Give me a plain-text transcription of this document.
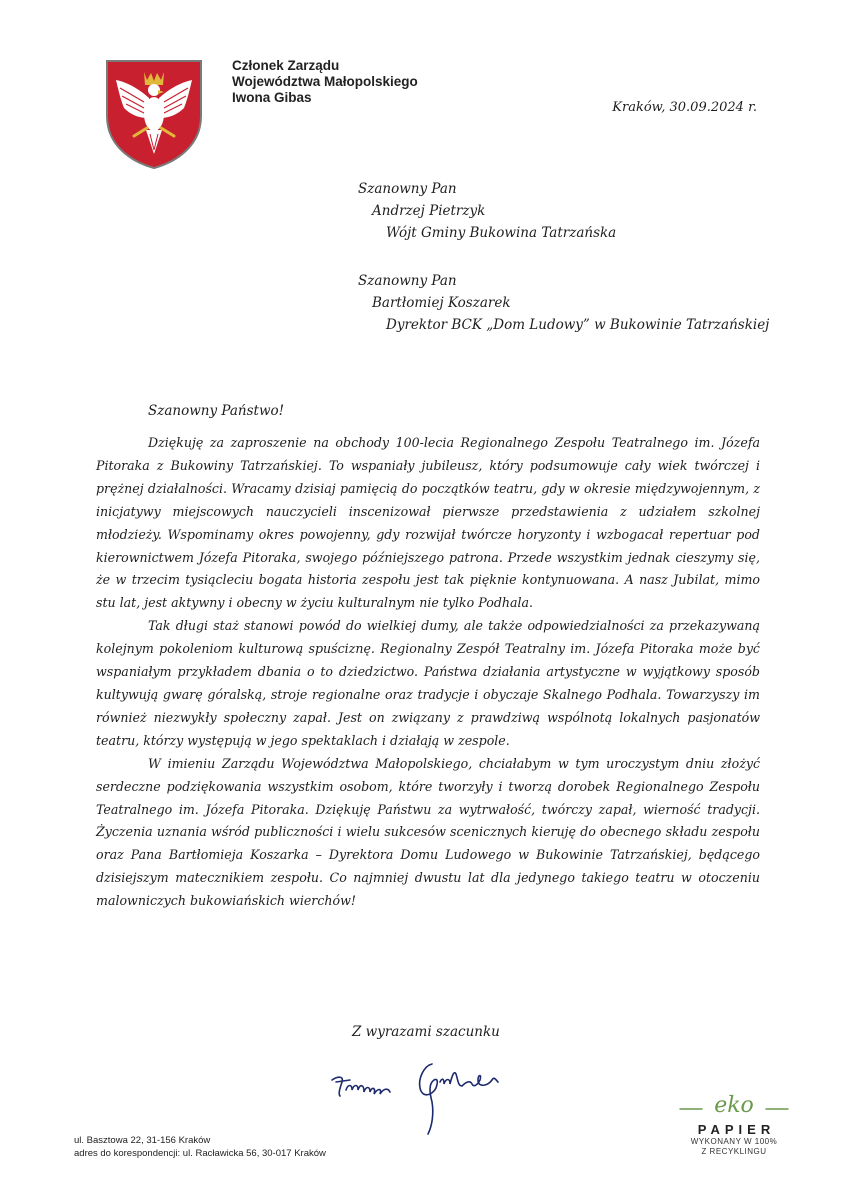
Członek Zarządu
Województwa Małopolskiego
Iwona Gibas
Kraków, 30.09.2024 r.
Szanowny Pan
Andrzej Pietrzyk
Wójt Gminy Bukowina Tatrzańska
Szanowny Pan
Bartłomiej Koszarek
Dyrektor BCK „Dom Ludowy” w Bukowinie Tatrzańskiej
Szanowny Państwo!

Dziękuję za zaproszenie na obchody 100-lecia Regionalnego Zespołu Teatralnego im. Józefa Pitoraka z Bukowiny Tatrzańskiej. To wspaniały jubileusz, który podsumowuje cały wiek twórczej i prężnej działalności. Wracamy dzisiaj pamięcią do początków teatru, gdy w okresie międzywojennym, z inicjatywy miejscowych nauczycieli inscenizował pierwsze przedstawienia z udziałem szkolnej młodzieży. Wspominamy okres powojenny, gdy rozwijał twórcze horyzonty i wzbogacał repertuar pod kierownictwem Józefa Pitoraka, swojego późniejszego patrona. Przede wszystkim jednak cieszymy się, że w trzecim tysiącleciu bogata historia zespołu jest tak pięknie kontynuowana. A nasz Jubilat, mimo stu lat, jest aktywny i obecny w życiu kulturalnym nie tylko Podhala.

Tak długi staż stanowi powód do wielkiej dumy, ale także odpowiedzialności za przekazywaną kolejnym pokoleniom kulturową spuściznę. Regionalny Zespół Teatralny im. Józefa Pitoraka może być wspaniałym przykładem dbania o to dziedzictwo. Państwa działania artystyczne w wyjątkowy sposób kultywują gwarę góralską, stroje regionalne oraz tradycje i obyczaje Skalnego Podhala. Towarzyszy im również niezwykły społeczny zapał. Jest on związany z prawdziwą wspólnotą lokalnych pasjonatów teatru, którzy występują w jego spektaklach i działają w zespole.

W imieniu Zarządu Województwa Małopolskiego, chciałabym w tym uroczystym dniu złożyć serdeczne podziękowania wszystkim osobom, które tworzyły i tworzą dorobek Regionalnego Zespołu Teatralnego im. Józefa Pitoraka. Dziękuję Państwu za wytrwałość, twórczy zapał, wierność tradycji. Życzenia uznania wśród publiczności i wielu sukcesów scenicznych kieruję do obecnego składu zespołu oraz Pana Bartłomieja Koszarka – Dyrektora Domu Ludowego w Bukowinie Tatrzańskiej, będącego dzisiejszym matecznikiem zespołu. Co najmniej dwustu lat dla jedynego takiego teatru w otoczeniu malowniczych bukowiańskich wierchów!

Z wyrazami szacunku
ul. Basztowa 22, 31-156 Kraków
adres do korespondencji: ul. Racławicka 56, 30-017 Kraków
eko
PAPIER
WYKONANY W 100%
Z RECYKLINGU
